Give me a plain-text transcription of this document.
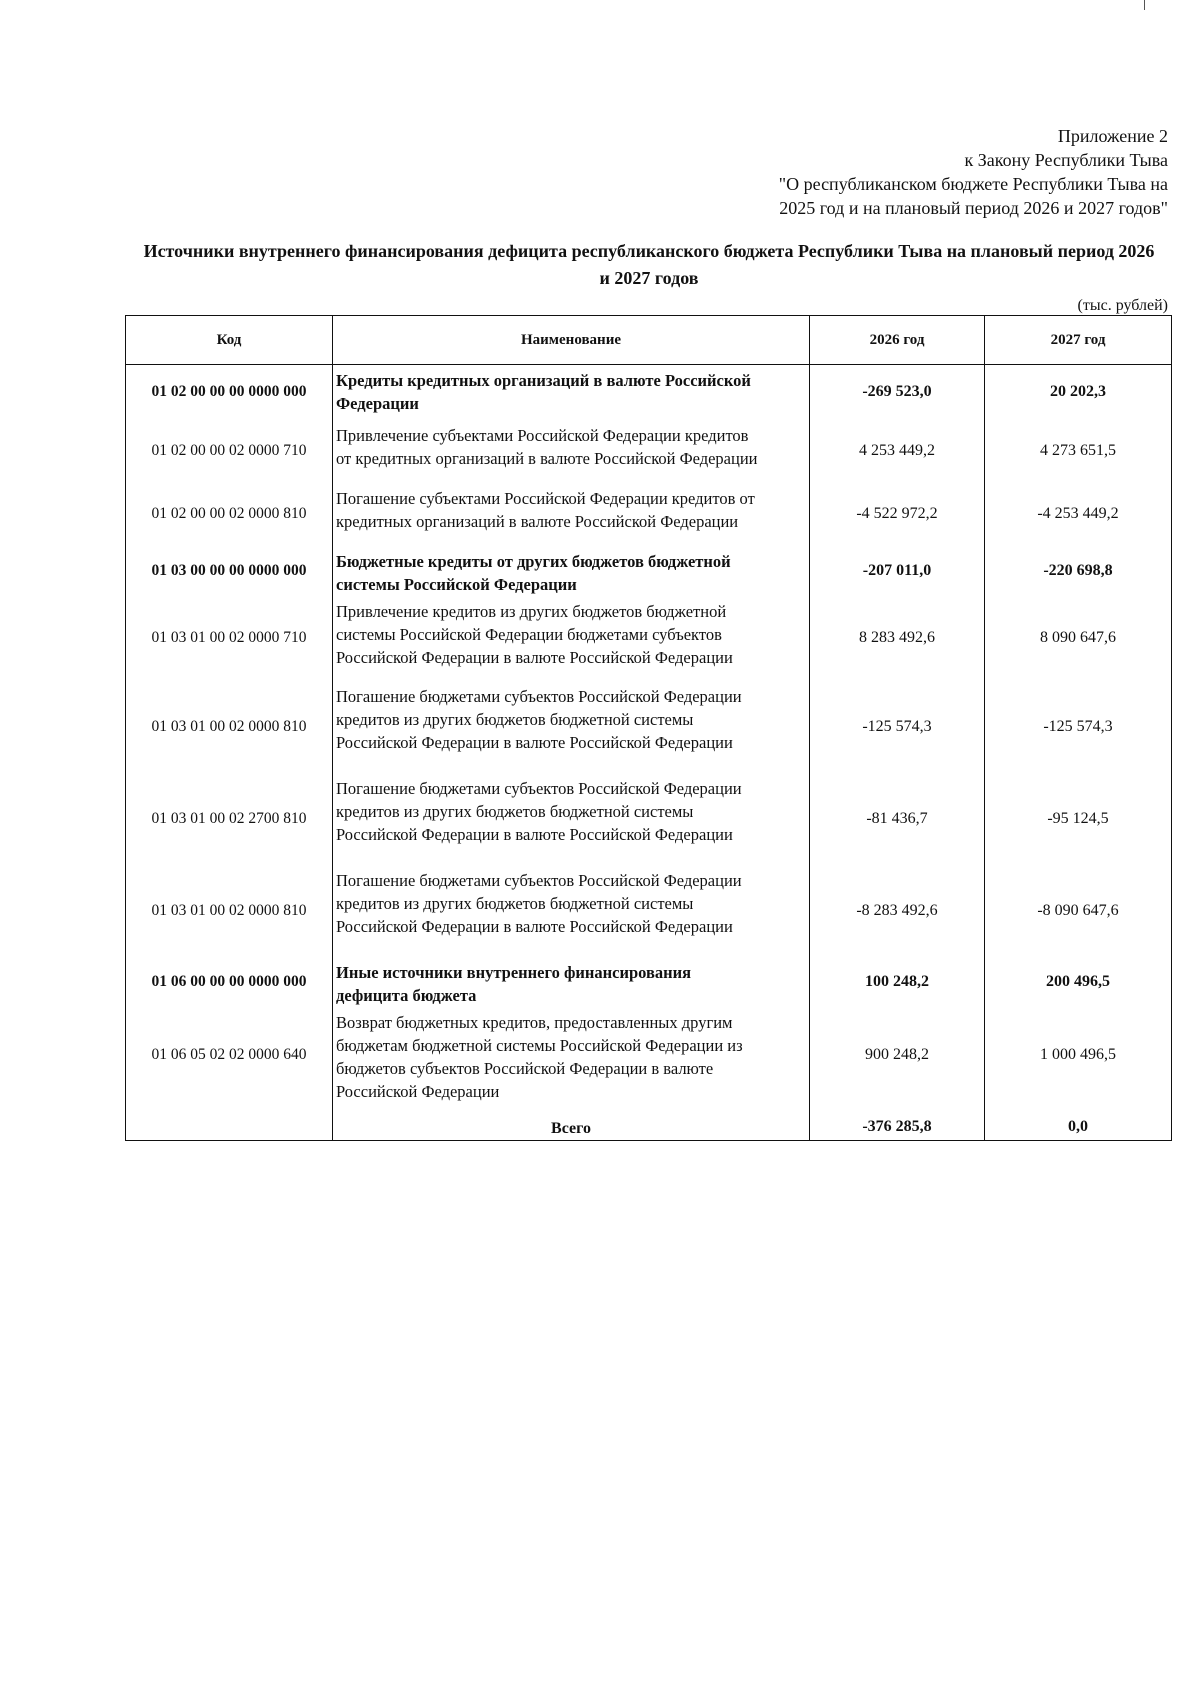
Приложение 2
к Закону Республики Тыва
"О республиканском бюджете Республики Тыва на
2025 год и на плановый период 2026 и 2027 годов"
Источники внутреннего финансирования дефицита республиканского бюджета Республики Тыва на плановый период 2026
и 2027 годов
(тыс. рублей)
Код	Наименование	2026 год	2027 год
01 02 00 00 00 0000 000	Кредиты кредитных организаций в валюте Российской
Федерации	-269 523,0	20 202,3
01 02 00 00 02 0000 710	Привлечение субъектами Российской Федерации кредитов
от кредитных организаций в валюте Российской Федерации	4 253 449,2	4 273 651,5
01 02 00 00 02 0000 810	Погашение субъектами Российской Федерации кредитов от
кредитных организаций в валюте Российской Федерации	-4 522 972,2	-4 253 449,2
01 03 00 00 00 0000 000	Бюджетные кредиты от других бюджетов бюджетной
системы Российской Федерации	-207 011,0	-220 698,8
01 03 01 00 02 0000 710	Привлечение кредитов из других бюджетов бюджетной
системы Российской Федерации бюджетами субъектов
Российской Федерации в валюте Российской Федерации	8 283 492,6	8 090 647,6
01 03 01 00 02 0000 810	Погашение бюджетами субъектов Российской Федерации
кредитов из других бюджетов бюджетной системы
Российской Федерации в валюте Российской Федерации	-125 574,3	-125 574,3
01 03 01 00 02 2700 810	Погашение бюджетами субъектов Российской Федерации
кредитов из других бюджетов бюджетной системы
Российской Федерации в валюте Российской Федерации	-81 436,7	-95 124,5
01 03 01 00 02 0000 810	Погашение бюджетами субъектов Российской Федерации
кредитов из других бюджетов бюджетной системы
Российской Федерации в валюте Российской Федерации	-8 283 492,6	-8 090 647,6
01 06 00 00 00 0000 000	Иные источники внутреннего финансирования
дефицита бюджета	100 248,2	200 496,5
01 06 05 02 02 0000 640	Возврат бюджетных кредитов, предоставленных другим
бюджетам бюджетной системы Российской Федерации из
бюджетов субъектов Российской Федерации в валюте
Российской Федерации	900 248,2	1 000 496,5
	Всего	-376 285,8	0,0
